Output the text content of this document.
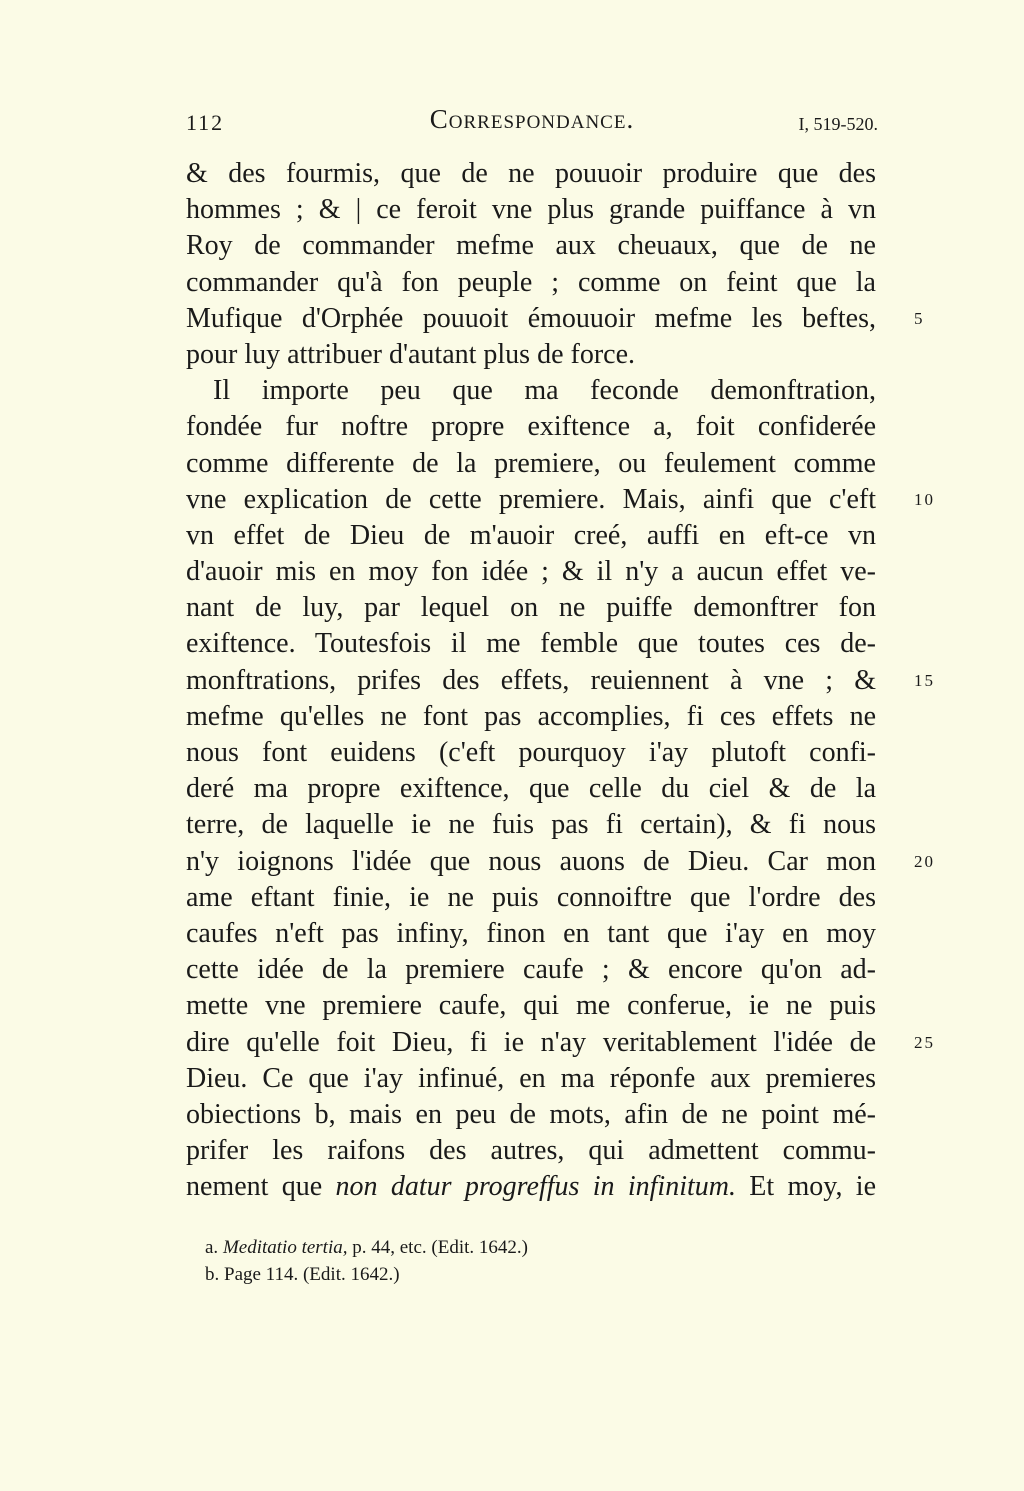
112	Correspondance.	I, 519-520.
& des fourmis, que de ne pouuoir produire que des
hommes ; & | ce feroit vne plus grande puiffance à vn
Roy de commander mefme aux cheuaux, que de ne
commander qu'à fon peuple ; comme on feint que la
Mufique d'Orphée pouuoit émouuoir mefme les beftes, 5
pour luy attribuer d'autant plus de force.
Il importe peu que ma feconde demonftration,
fondée fur noftre propre exiftence a, foit confiderée
comme differente de la premiere, ou feulement comme
vne explication de cette premiere. Mais, ainfi que c'eft 10
vn effet de Dieu de m'auoir creé, auffi en eft-ce vn
d'auoir mis en moy fon idée ; & il n'y a aucun effet ve-
nant de luy, par lequel on ne puiffe demonftrer fon
exiftence. Toutesfois il me femble que toutes ces de-
monftrations, prifes des effets, reuiennent à vne ; & 15
mefme qu'elles ne font pas accomplies, fi ces effets ne
nous font euidens (c'eft pourquoy i'ay plutoft confi-
deré ma propre exiftence, que celle du ciel & de la
terre, de laquelle ie ne fuis pas fi certain), & fi nous
n'y ioignons l'idée que nous auons de Dieu. Car mon 20
ame eftant finie, ie ne puis connoiftre que l'ordre des
caufes n'eft pas infiny, finon en tant que i'ay en moy
cette idée de la premiere caufe ; & encore qu'on ad-
mette vne premiere caufe, qui me conferue, ie ne puis
dire qu'elle foit Dieu, fi ie n'ay veritablement l'idée de 25
Dieu. Ce que i'ay infinué, en ma réponfe aux premieres
obiections b, mais en peu de mots, afin de ne point mé-
prifer les raifons des autres, qui admettent commu-
nement que non datur progreffus in infinitum. Et moy, ie
a. Meditatio tertia, p. 44, etc. (Edit. 1642.)
b. Page 114. (Edit. 1642.)
